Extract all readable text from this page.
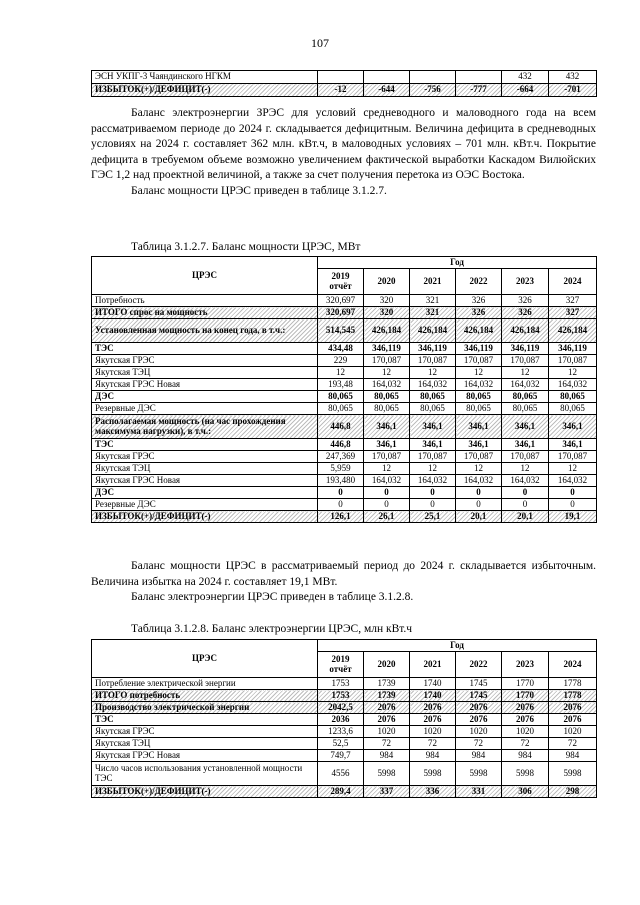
107
ЭСН УКПГ-3 Чаяндинского НГКМ					432	432
ИЗБЫТОК(+)/ДЕФИЦИТ(-)	-12	-644	-756	-777	-664	-701

Баланс электроэнергии ЗРЭС для условий средневодного и маловодного года на всем рассматриваемом периоде до 2024 г. складывается дефицитным. Величина дефицита в средневодных условиях на 2024 г. составляет 362 млн. кВт.ч, в маловодных условиях – 701 млн. кВт.ч. Покрытие дефицита в требуемом объеме возможно увеличением фактической выработки Каскадом Вилюйских ГЭС 1,2 над проектной величиной, а также за счет получения перетока из ОЭС Востока.

Баланс мощности ЦРЭС приведен в таблице 3.1.2.7.

Таблица 3.1.2.7. Баланс мощности ЦРЭС, МВт
ЦРЭС	Год					
	2019 отчёт	2020	2021	2022	2023	2024
Потребность	320,697	320	321	326	326	327
ИТОГО спрос на мощность	320,697	320	321	326	326	327
Установленная мощность на конец года, в т.ч.:	514,545	426,184	426,184	426,184	426,184	426,184
ТЭС	434,48	346,119	346,119	346,119	346,119	346,119
Якутская ГРЭС	229	170,087	170,087	170,087	170,087	170,087
Якутская ТЭЦ	12	12	12	12	12	12
Якутская ГРЭС Новая	193,48	164,032	164,032	164,032	164,032	164,032
ДЭС	80,065	80,065	80,065	80,065	80,065	80,065
Резервные ДЭС	80,065	80,065	80,065	80,065	80,065	80,065
Располагаемая мощность (на час прохождения максимума нагрузки), в т.ч.:	446,8	346,1	346,1	346,1	346,1	346,1
ТЭС	446,8	346,1	346,1	346,1	346,1	346,1
Якутская ГРЭС	247,369	170,087	170,087	170,087	170,087	170,087
Якутская ТЭЦ	5,959	12	12	12	12	12
Якутская ГРЭС Новая	193,480	164,032	164,032	164,032	164,032	164,032
ДЭС	0	0	0	0	0	0
Резервные ДЭС	0	0	0	0	0	0
ИЗБЫТОК(+)/ДЕФИЦИТ(-)	126,1	26,1	25,1	20,1	20,1	19,1

Баланс мощности ЦРЭС в рассматриваемый период до 2024 г. складывается избыточным. Величина избытка на 2024 г. составляет 19,1 МВт.

Баланс электроэнергии ЦРЭС приведен в таблице 3.1.2.8.

Таблица 3.1.2.8. Баланс электроэнергии ЦРЭС, млн кВт.ч
ЦРЭС	Год					
	2019 отчёт	2020	2021	2022	2023	2024
Потребление электрической энергии	1753	1739	1740	1745	1770	1778
ИТОГО потребность	1753	1739	1740	1745	1770	1778
Производство электрической энергии	2042,5	2076	2076	2076	2076	2076
ТЭС	2036	2076	2076	2076	2076	2076
Якутская ГРЭС	1233,6	1020	1020	1020	1020	1020
Якутская ТЭЦ	52,5	72	72	72	72	72
Якутская ГРЭС Новая	749,7	984	984	984	984	984
Число часов использования установленной мощности ТЭС	4556	5998	5998	5998	5998	5998
ИЗБЫТОК(+)/ДЕФИЦИТ(-)	289,4	337	336	331	306	298
